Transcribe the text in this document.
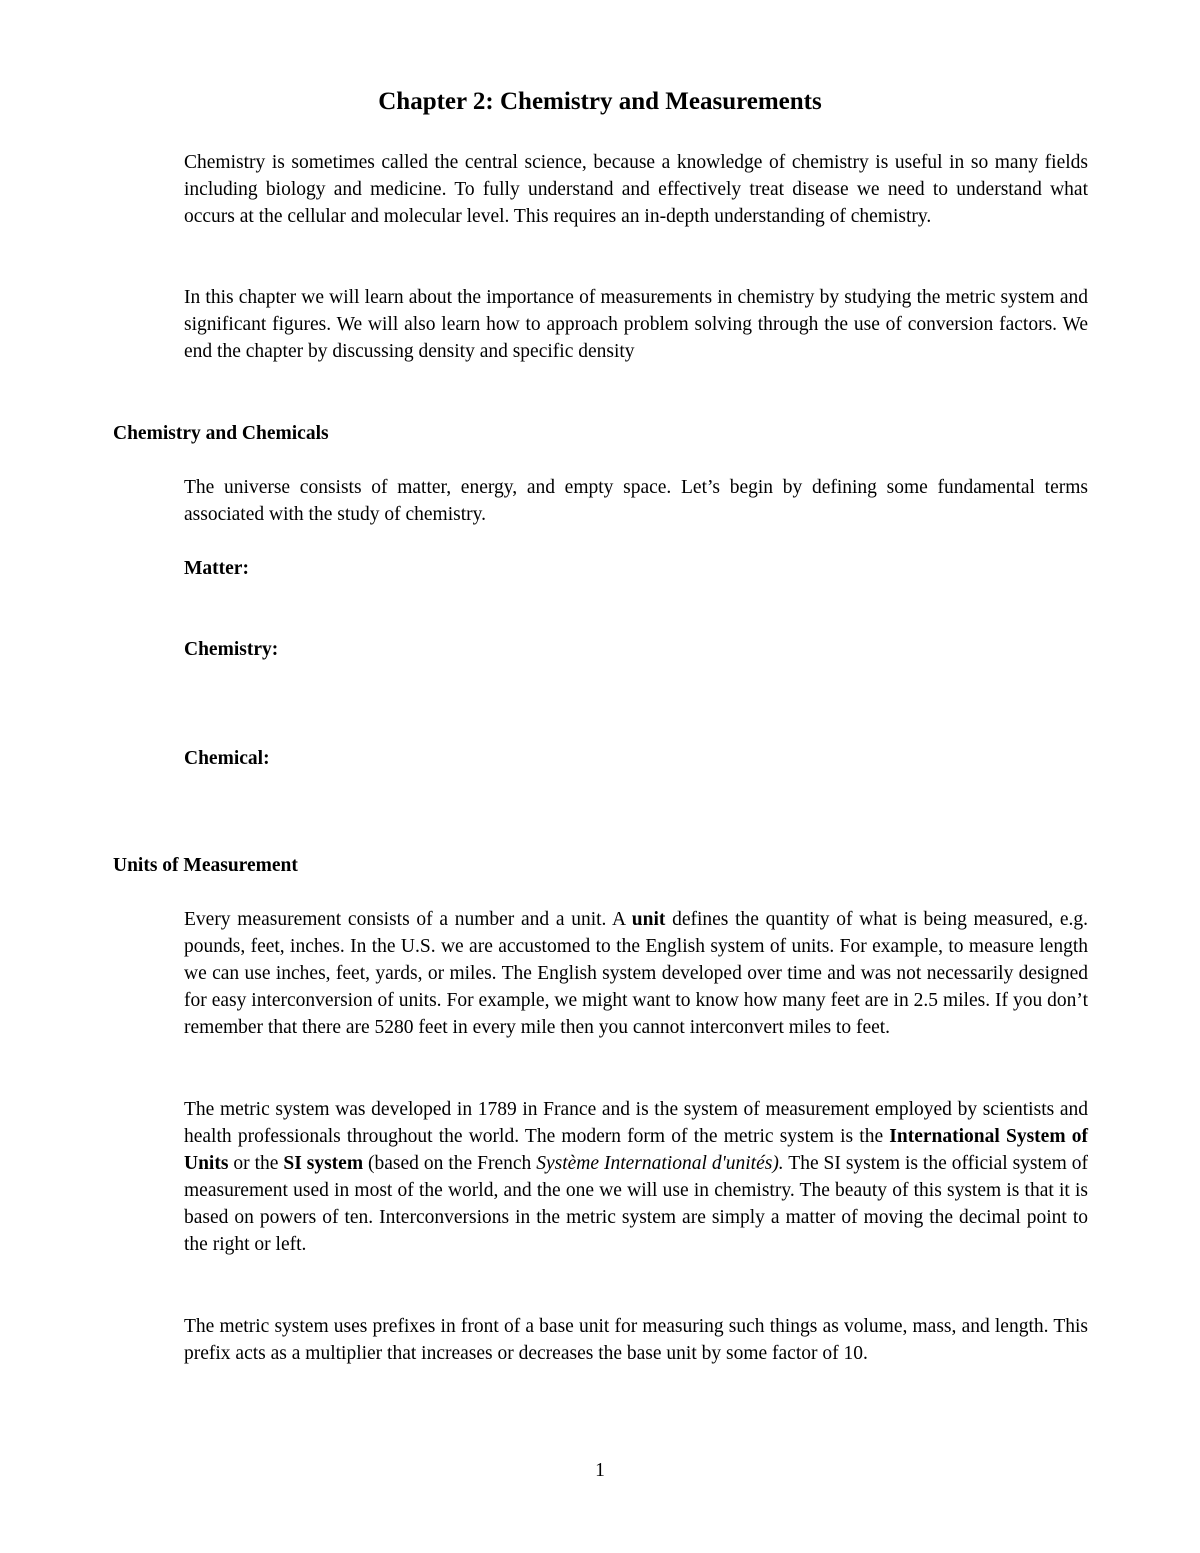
Chapter 2: Chemistry and Measurements

Chemistry is sometimes called the central science, because a knowledge of chemistry is useful in so many fields including biology and medicine. To fully understand and effectively treat disease we need to understand what occurs at the cellular and molecular level. This requires an in-depth understanding of chemistry.

In this chapter we will learn about the importance of measurements in chemistry by studying the metric system and significant figures. We will also learn how to approach problem solving through the use of conversion factors. We end the chapter by discussing density and specific density

Chemistry and Chemicals

The universe consists of matter, energy, and empty space. Let’s begin by defining some fundamental terms associated with the study of chemistry.

Matter:
Chemistry:
Chemical:
Units of Measurement

Every measurement consists of a number and a unit. A unit defines the quantity of what is being measured, e.g. pounds, feet, inches. In the U.S. we are accustomed to the English system of units. For example, to measure length we can use inches, feet, yards, or miles. The English system developed over time and was not necessarily designed for easy interconversion of units. For example, we might want to know how many feet are in 2.5 miles. If you don’t remember that there are 5280 feet in every mile then you cannot interconvert miles to feet.

The metric system was developed in 1789 in France and is the system of measurement employed by scientists and health professionals throughout the world. The modern form of the metric system is the International System of Units or the SI system (based on the French Système International d'unités). The SI system is the official system of measurement used in most of the world, and the one we will use in chemistry. The beauty of this system is that it is based on powers of ten. Interconversions in the metric system are simply a matter of moving the decimal point to the right or left.

The metric system uses prefixes in front of a base unit for measuring such things as volume, mass, and length. This prefix acts as a multiplier that increases or decreases the base unit by some factor of 10.

1
